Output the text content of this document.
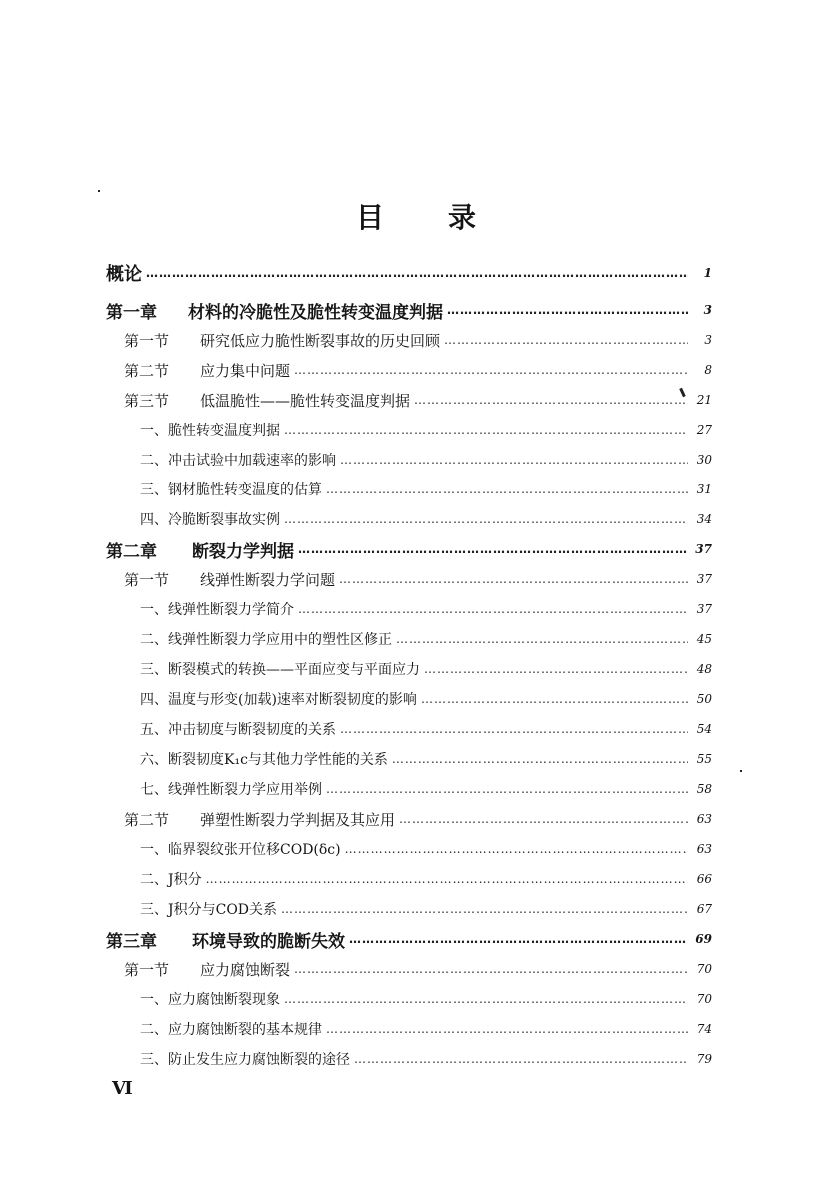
目 录
概论 ………………………………………………………………………………………………………………………………………………………………	1
第一章 材料的冷脆性及脆性转变温度判据 ………………………………………………………………………………………………………………………………………………………………	3
第一节 研究低应力脆性断裂事故的历史回顾 ………………………………………………………………………………………………………………………………………………………………	3
第二节 应力集中问题 ………………………………………………………………………………………………………………………………………………………………	8
第三节 低温脆性——脆性转变温度判据 ………………………………………………………………………………………………………………………………………………………………	21
一、脆性转变温度判据 ………………………………………………………………………………………………………………………………………………………………	27
二、冲击试验中加载速率的影响 ………………………………………………………………………………………………………………………………………………………………	30
三、钢材脆性转变温度的估算 ………………………………………………………………………………………………………………………………………………………………	31
四、冷脆断裂事故实例 ………………………………………………………………………………………………………………………………………………………………	34
第二章 断裂力学判据 ………………………………………………………………………………………………………………………………………………………………	37
第一节 线弹性断裂力学问题 ………………………………………………………………………………………………………………………………………………………………	37
一、线弹性断裂力学简介 ………………………………………………………………………………………………………………………………………………………………	37
二、线弹性断裂力学应用中的塑性区修正 ………………………………………………………………………………………………………………………………………………………………	45
三、断裂模式的转换——平面应变与平面应力 ………………………………………………………………………………………………………………………………………………………………	48
四、温度与形变(加载)速率对断裂韧度的影响 ………………………………………………………………………………………………………………………………………………………………	50
五、冲击韧度与断裂韧度的关系 ………………………………………………………………………………………………………………………………………………………………	54
六、断裂韧度K₁c与其他力学性能的关系 ………………………………………………………………………………………………………………………………………………………………	55
七、线弹性断裂力学应用举例 ………………………………………………………………………………………………………………………………………………………………	58
第二节 弹塑性断裂力学判据及其应用 ………………………………………………………………………………………………………………………………………………………………	63
一、临界裂纹张开位移COD(δc) ………………………………………………………………………………………………………………………………………………………………	63
二、J积分 ………………………………………………………………………………………………………………………………………………………………	66
三、J积分与COD关系 ………………………………………………………………………………………………………………………………………………………………	67
第三章 环境导致的脆断失效 ………………………………………………………………………………………………………………………………………………………………	69
第一节 应力腐蚀断裂 ………………………………………………………………………………………………………………………………………………………………	70
一、应力腐蚀断裂现象 ………………………………………………………………………………………………………………………………………………………………	70
二、应力腐蚀断裂的基本规律 ………………………………………………………………………………………………………………………………………………………………	74
三、防止发生应力腐蚀断裂的途径 ………………………………………………………………………………………………………………………………………………………………	79
Ⅵ
